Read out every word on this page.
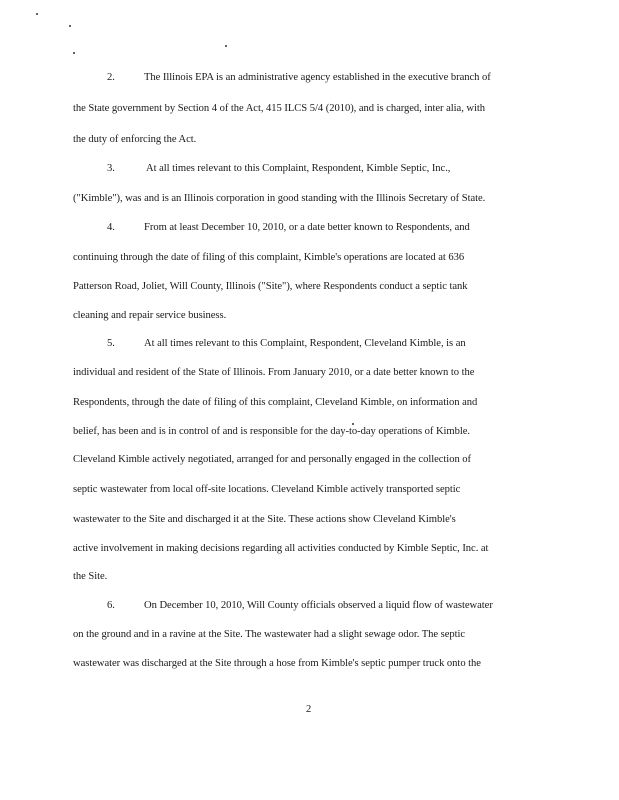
2.	The Illinois EPA is an administrative agency established in the executive branch of
the State government by Section 4 of the Act, 415 ILCS 5/4 (2010), and is charged, inter alia, with
the duty of enforcing the Act.
3.	At all times relevant to this Complaint, Respondent, Kimble Septic, Inc.,
("Kimble"), was and is an Illinois corporation in good standing with the Illinois Secretary of State.
4.	From at least December 10, 2010, or a date better known to Respondents, and
continuing through the date of filing of this complaint, Kimble's operations are located at 636
Patterson Road, Joliet, Will County, Illinois ("Site"), where Respondents conduct a septic tank
cleaning and repair service business.
5.	At all times relevant to this Complaint, Respondent, Cleveland Kimble, is an
individual and resident of the State of Illinois. From January 2010, or a date better known to the
Respondents, through the date of filing of this complaint, Cleveland Kimble, on information and
belief, has been and is in control of and is responsible for the day-to-day operations of Kimble.
Cleveland Kimble actively negotiated, arranged for and personally engaged in the collection of
septic wastewater from local off-site locations. Cleveland Kimble actively transported septic
wastewater to the Site and discharged it at the Site. These actions show Cleveland Kimble's
active involvement in making decisions regarding all activities conducted by Kimble Septic, Inc. at
the Site.
6.	On December 10, 2010, Will County officials observed a liquid flow of wastewater
on the ground and in a ravine at the Site. The wastewater had a slight sewage odor. The septic
wastewater was discharged at the Site through a hose from Kimble's septic pumper truck onto the
2
